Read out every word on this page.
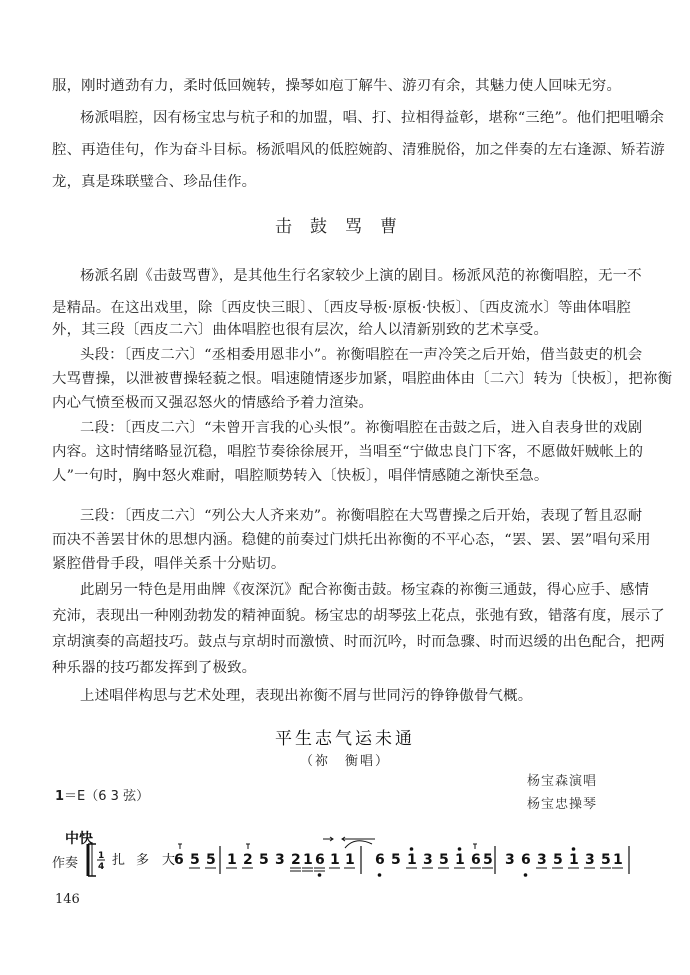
服，刚时遒劲有力，柔时低回婉转，操琴如庖丁解牛、游刃有余，其魅力使人回味无穷。
杨派唱腔，因有杨宝忠与杭子和的加盟，唱、打、拉相得益彰，堪称“三绝”。他们把咀嚼余
腔、再造佳句，作为奋斗目标。杨派唱风的低腔婉韵、清雅脱俗，加之伴奏的左右逢源、矫若游
龙，真是珠联璧合、珍品佳作。
击鼓骂曹
杨派名剧《击鼓骂曹》，是其他生行名家较少上演的剧目。杨派风范的祢衡唱腔，无一不
是精品。在这出戏里，除〔西皮快三眼〕、〔西皮导板·原板·快板〕、〔西皮流水〕等曲体唱腔
外，其三段〔西皮二六〕曲体唱腔也很有层次，给人以清新别致的艺术享受。
头段：〔西皮二六〕“丞相委用恩非小”。祢衡唱腔在一声冷笑之后开始，借当鼓吏的机会
大骂曹操，以泄被曹操轻藐之恨。唱速随情逐步加紧，唱腔曲体由〔二六〕转为〔快板〕，把祢衡
内心气愤至极而又强忍怒火的情感给予着力渲染。
二段：〔西皮二六〕“未曾开言我的心头恨”。祢衡唱腔在击鼓之后，进入自表身世的戏剧
内容。这时情绪略显沉稳，唱腔节奏徐徐展开，当唱至“宁做忠良门下客，不愿做奸贼帐上的
人”一句时，胸中怒火难耐，唱腔顺势转入〔快板〕，唱伴情感随之渐快至急。
三段：〔西皮二六〕“列公大人齐来劝”。祢衡唱腔在大骂曹操之后开始，表现了暂且忍耐
而决不善罢甘休的思想内涵。稳健的前奏过门烘托出祢衡的不平心态，“罢、罢、罢”唱句采用
紧腔借骨手段，唱伴关系十分贴切。
此剧另一特色是用曲牌《夜深沉》配合祢衡击鼓。杨宝森的祢衡三通鼓，得心应手、感情
充沛，表现出一种刚劲勃发的精神面貌。杨宝忠的胡琴弦上花点，张弛有致，错落有度，展示了
京胡演奏的高超技巧。鼓点与京胡时而激愤、时而沉吟，时而急骤、时而迟缓的出色配合，把两
种乐器的技巧都发挥到了极致。
上述唱伴构思与艺术处理，表现出祢衡不屑与世同污的铮铮傲骨气概。
平生志气运未通
（祢　衡唱）
杨宝森演唱
杨宝忠操琴
1＝E（6 3 弦）
中快
作奏 1
4 扎 多 大
6 5 5 1 2 5 3 2 1 6 1 1 6 5 1 3 5 1 6 5 3 6 3 5 1 3 5 1
146
